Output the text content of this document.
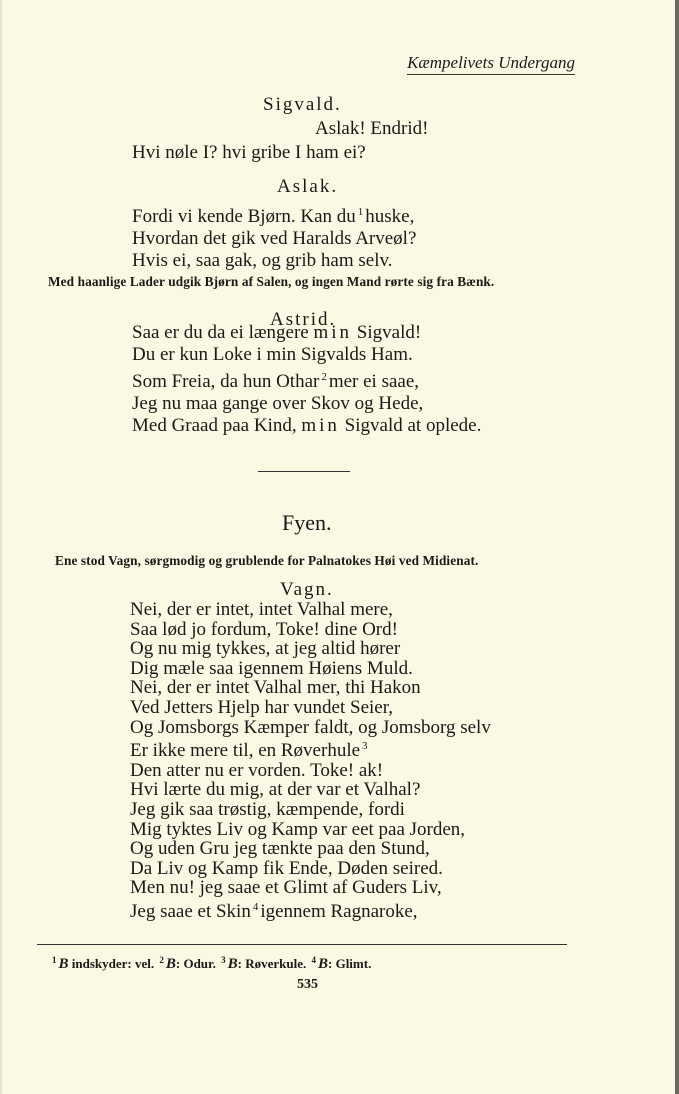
Kæmpelivets Undergang
Sigvald.
Aslak! Endrid!
Hvi nøle I? hvi gribe I ham ei?
Aslak.
Fordi vi kende Bjørn. Kan du $^1$ huske,
Hvordan det gik ved Haralds Arveøl?
Hvis ei, saa gak, og grib ham selv.
Med haanlige Lader udgik Bjørn af Salen, og ingen Mand rørte sig fra Bænk.
Astrid.
Saa er du da ei længere min Sigvald!
Du er kun Loke i min Sigvalds Ham.
Som Freia, da hun Othar $^2$ mer ei saae,
Jeg nu maa gange over Skov og Hede,
Med Graad paa Kind, min Sigvald at oplede.
Fyen.
Ene stod Vagn, sørgmodig og grublende for Palnatokes Høi ved Midienat.
Vagn.
Nei, der er intet, intet Valhal mere,
Saa lød jo fordum, Toke! dine Ord!
Og nu mig tykkes, at jeg altid hører
Dig mæle saa igennem Høiens Muld.
Nei, der er intet Valhal mer, thi Hakon
Ved Jetters Hjelp har vundet Seier,
Og Jomsborgs Kæmper faldt, og Jomsborg selv
Er ikke mere til, en Røverhule $^3$
Den atter nu er vorden. Toke! ak!
Hvi lærte du mig, at der var et Valhal?
Jeg gik saa trøstig, kæmpende, fordi
Mig tyktes Liv og Kamp var eet paa Jorden,
Og uden Gru jeg tænkte paa den Stund,
Da Liv og Kamp fik Ende, Døden seired.
Men nu! jeg saae et Glimt af Guders Liv,
Jeg saae et Skin $^4$ igennem Ragnaroke,
$^1$ B indskyder: vel. $^2$ B: Odur. $^3$ B: Røverkule. $^4$ B: Glimt.
535
